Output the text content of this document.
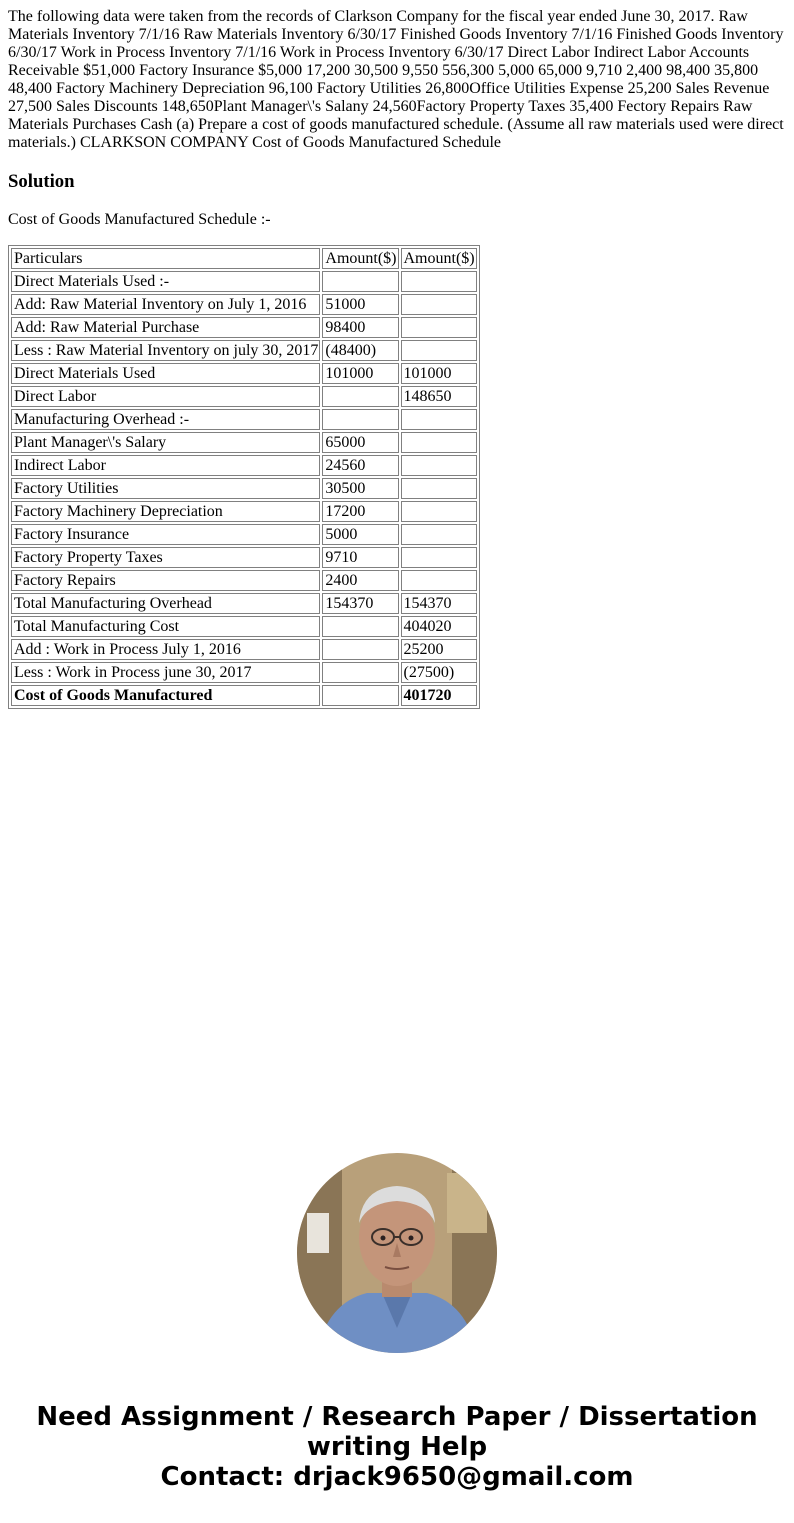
The following data were taken from the records of Clarkson Company for the fiscal year ended June 30, 2017. Raw Materials Inventory 7/1/16 Raw Materials Inventory 6/30/17 Finished Goods Inventory 7/1/16 Finished Goods Inventory 6/30/17 Work in Process Inventory 7/1/16 Work in Process Inventory 6/30/17 Direct Labor Indirect Labor Accounts Receivable $51,000 Factory Insurance $5,000 17,200 30,500 9,550 556,300 5,000 65,000 9,710 2,400 98,400 35,800 48,400 Factory Machinery Depreciation 96,100 Factory Utilities 26,800Office Utilities Expense 25,200 Sales Revenue 27,500 Sales Discounts 148,650Plant Manager\'s Salany 24,560Factory Property Taxes 35,400 Fectory Repairs Raw Materials Purchases Cash (a) Prepare a cost of goods manufactured schedule. (Assume all raw materials used were direct materials.) CLARKSON COMPANY Cost of Goods Manufactured Schedule

Solution

Cost of Goods Manufactured Schedule :-

Particulars	Amount($)	Amount($)
Direct Materials Used :-		
Add: Raw Material Inventory on July 1, 2016	51000	
Add: Raw Material Purchase	98400	
Less : Raw Material Inventory on july 30, 2017	(48400)	
Direct Materials Used	101000	101000
Direct Labor		148650
Manufacturing Overhead :-		
Plant Manager\'s Salary	65000	
Indirect Labor	24560	
Factory Utilities	30500	
Factory Machinery Depreciation	17200	
Factory Insurance	5000	
Factory Property Taxes	9710	
Factory Repairs	2400	
Total Manufacturing Overhead	154370	154370
Total Manufacturing Cost		404020
Add : Work in Process July 1, 2016		25200
Less : Work in Process june 30, 2017		(27500)
Cost of Goods Manufactured		401720
Need Assignment / Research Paper / Dissertation
writing Help
Contact: drjack9650@gmail.com
